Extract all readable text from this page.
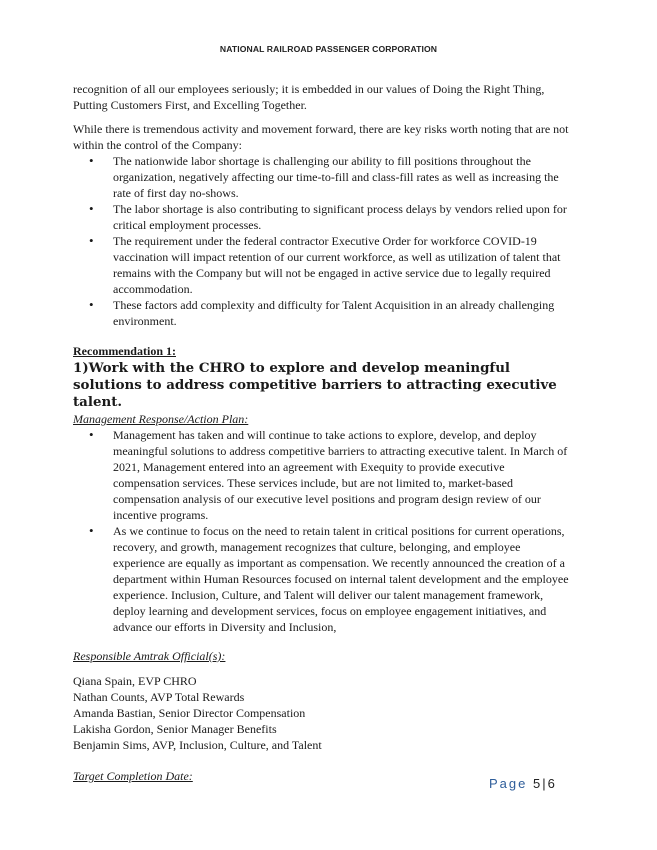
NATIONAL RAILROAD PASSENGER CORPORATION

recognition of all our employees seriously; it is embedded in our values of Doing the Right Thing, Putting Customers First, and Excelling Together.

While there is tremendous activity and movement forward, there are key risks worth noting that are not within the control of the Company:

• The nationwide labor shortage is challenging our ability to fill positions throughout the organization, negatively affecting our time-to-fill and class-fill rates as well as increasing the rate of first day no-shows.
• The labor shortage is also contributing to significant process delays by vendors relied upon for critical employment processes.
• The requirement under the federal contractor Executive Order for workforce COVID-19 vaccination will impact retention of our current workforce, as well as utilization of talent that remains with the Company but will not be engaged in active service due to legally required accommodation.
• These factors add complexity and difficulty for Talent Acquisition in an already challenging environment.

Recommendation 1:

1)Work with the CHRO to explore and develop meaningful solutions to address competitive barriers to attracting executive talent.

Management Response/Action Plan:

• Management has taken and will continue to take actions to explore, develop, and deploy meaningful solutions to address competitive barriers to attracting executive talent. In March of 2021, Management entered into an agreement with Exequity to provide executive compensation services. These services include, but are not limited to, market-based compensation analysis of our executive level positions and program design review of our incentive programs.
• As we continue to focus on the need to retain talent in critical positions for current operations, recovery, and growth, management recognizes that culture, belonging, and employee experience are equally as important as compensation. We recently announced the creation of a department within Human Resources focused on internal talent development and the employee experience. Inclusion, Culture, and Talent will deliver our talent management framework, deploy learning and development services, focus on employee engagement initiatives, and advance our efforts in Diversity and Inclusion,

Responsible Amtrak Official(s):

Qiana Spain, EVP CHRO

Nathan Counts, AVP Total Rewards

Amanda Bastian, Senior Director Compensation

Lakisha Gordon, Senior Manager Benefits

Benjamin Sims, AVP, Inclusion, Culture, and Talent

Target Completion Date:	Page 5|6
